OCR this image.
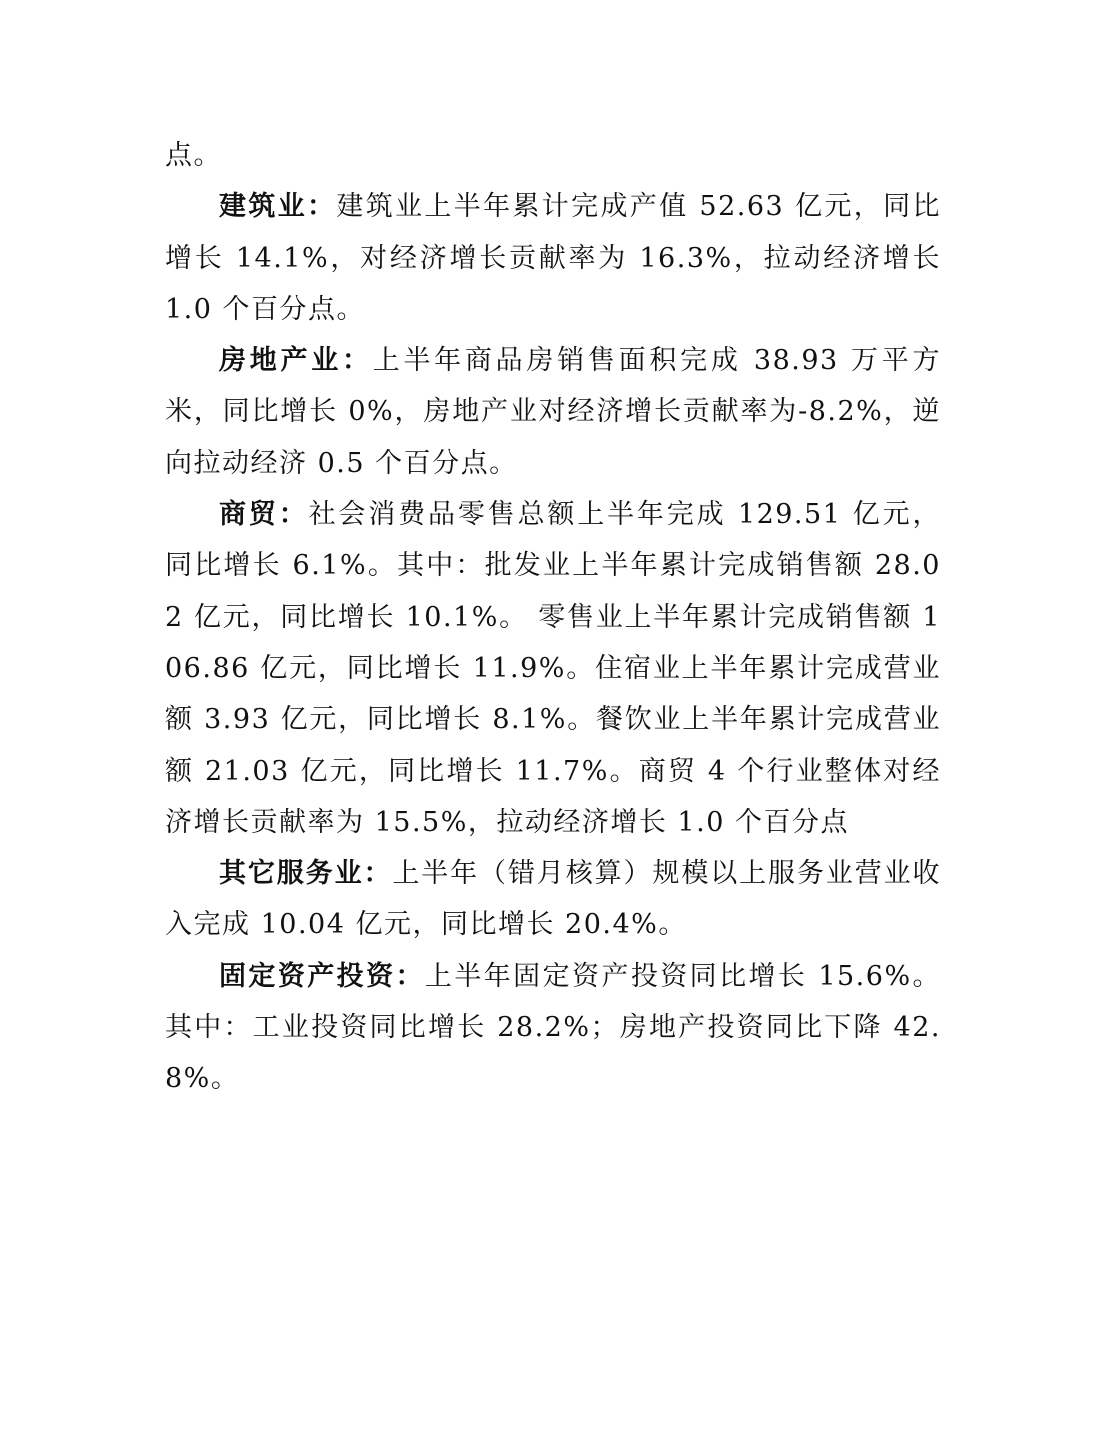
点。

建筑业：建筑业上半年累计完成产值 52.63 亿元，同比增长 14.1%，对经济增长贡献率为 16.3%，拉动经济增长 1.0 个百分点。

房地产业：上半年商品房销售面积完成 38.93 万平方米，同比增长 0%，房地产业对经济增长贡献率为-8.2%，逆向拉动经济 0.5 个百分点。

商贸：社会消费品零售总额上半年完成 129.51 亿元，同比增长 6.1%。其中：批发业上半年累计完成销售额 28.02 亿元，同比增长 10.1%。 零售业上半年累计完成销售额 106.86 亿元，同比增长 11.9%。住宿业上半年累计完成营业额 3.93 亿元，同比增长 8.1%。餐饮业上半年累计完成营业额 21.03 亿元，同比增长 11.7%。商贸 4 个行业整体对经济增长贡献率为 15.5%，拉动经济增长 1.0 个百分点

其它服务业：上半年（错月核算）规模以上服务业营业收入完成 10.04 亿元，同比增长 20.4%。

固定资产投资：上半年固定资产投资同比增长 15.6%。其中：工业投资同比增长 28.2%；房地产投资同比下降 42.8%。
